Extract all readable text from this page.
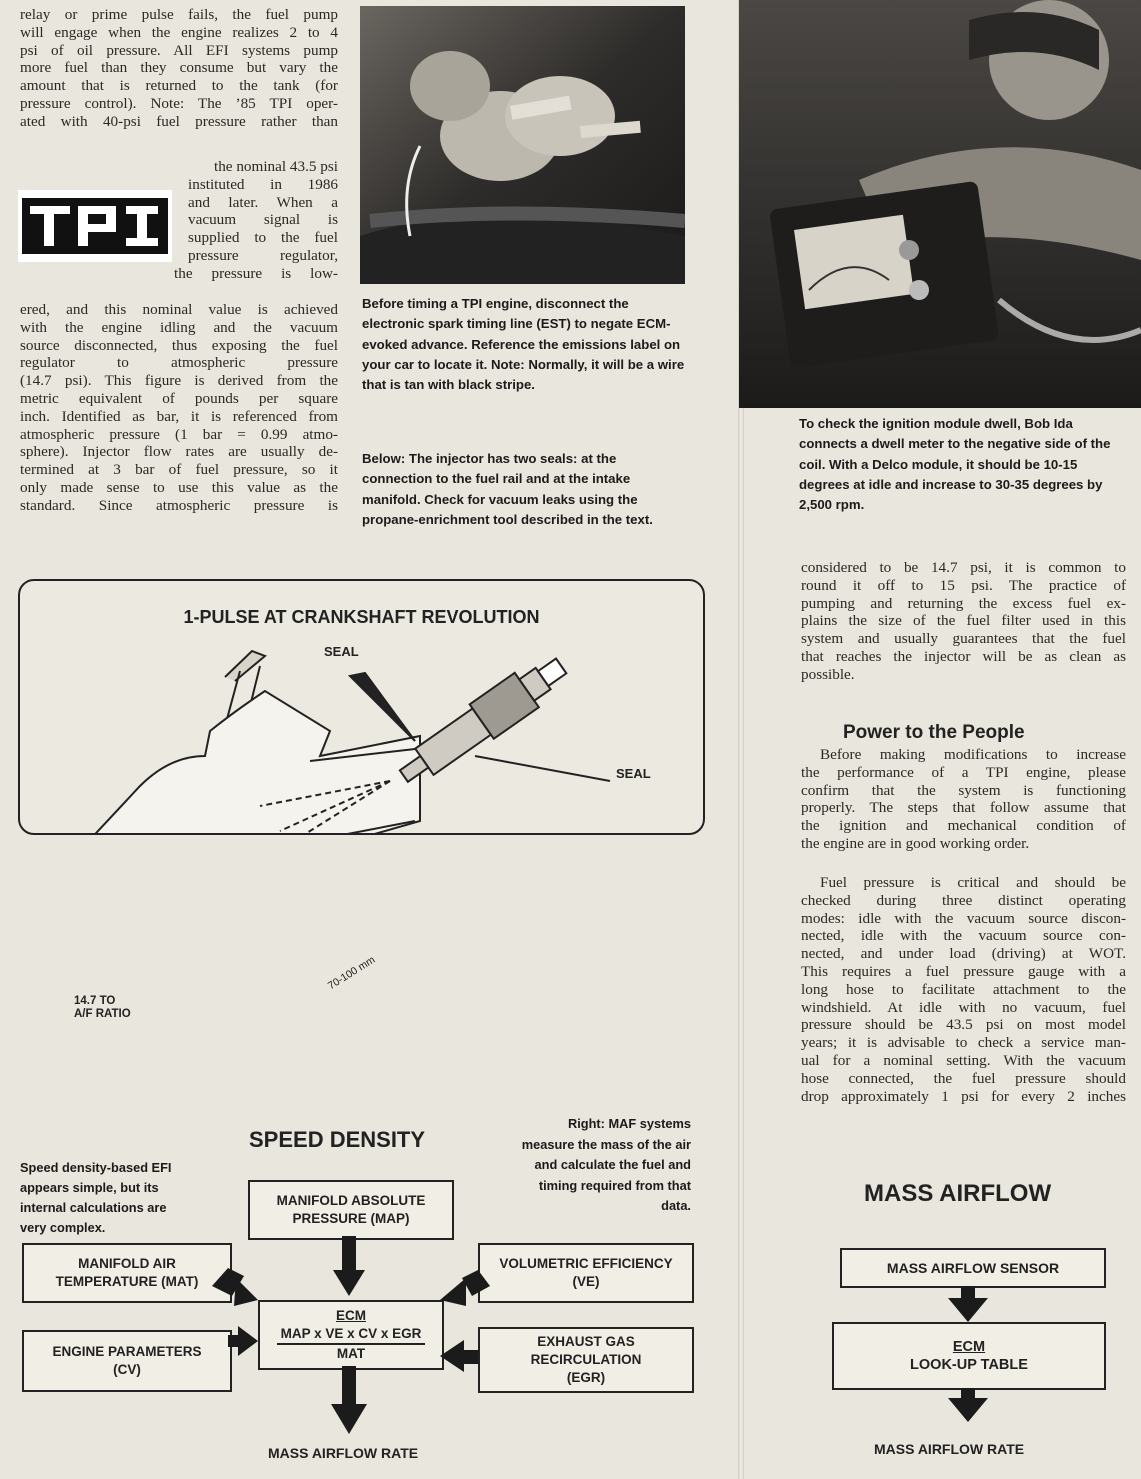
relay or prime pulse fails, the fuel pump
will engage when the engine realizes 2 to 4
psi of oil pressure. All EFI systems pump
more fuel than they consume but vary the
amount that is returned to the tank (for
pressure control). Note: The ’85 TPI oper-
ated with 40-psi fuel pressure rather than
the nominal 43.5 psi
instituted in 1986
and later. When a
vacuum signal is
supplied to the fuel
pressure regulator,
the pressure is low-
ered, and this nominal value is achieved
with the engine idling and the vacuum
source disconnected, thus exposing the fuel
regulator to atmospheric pressure
(14.7 psi). This figure is derived from the
metric equivalent of pounds per square
inch. Identified as bar, it is referenced from
atmospheric pressure (1 bar = 0.99 atmo-
sphere). Injector flow rates are usually de-
termined at 3 bar of fuel pressure, so it
only made sense to use this value as the
standard. Since atmospheric pressure is
Before timing a TPI engine, disconnect the electronic spark timing line (EST) to negate ECM-evoked advance. Reference the emissions label on your car to locate it. Note: Normally, it will be a wire that is tan with black stripe.
Below: The injector has two seals: at the connection to the fuel rail and at the intake manifold. Check for vacuum leaks using the propane-enrichment tool described in the text.
To check the ignition module dwell, Bob Ida connects a dwell meter to the negative side of the coil. With a Delco module, it should be 10-15 degrees at idle and increase to 30-35 degrees by 2,500 rpm.
considered to be 14.7 psi, it is common to
round it off to 15 psi. The practice of
pumping and returning the excess fuel ex-
plains the size of the fuel filter used in this
system and usually guarantees that the fuel
that reaches the injector will be as clean as
possible.
Power to the People
Before making modifications to increase
the performance of a TPI engine, please
confirm that the system is functioning
properly. The steps that follow assume that
the ignition and mechanical condition of
the engine are in good working order.
Fuel pressure is critical and should be
checked during three distinct operating
modes: idle with the vacuum source discon-
nected, idle with the vacuum source con-
nected, and under load (driving) at WOT.
This requires a fuel pressure gauge with a
long hose to facilitate attachment to the
windshield. At idle with no vacuum, fuel
pressure should be 43.5 psi on most model
years; it is advisable to check a service man-
ual for a nominal setting. With the vacuum
hose connected, the fuel pressure should
drop approximately 1 psi for every 2 inches
1-PULSE AT CRANKSHAFT REVOLUTION
SEAL
SEAL
14.7 TO
A/F RATIO
70-100 mm
Speed density-based EFI appears simple, but its internal calculations are very complex.
Right: MAF systems measure the mass of the air and calculate the fuel and timing required from that data.
SPEED DENSITY
MANIFOLD ABSOLUTE
PRESSURE (MAP)
MANIFOLD AIR
TEMPERATURE (MAT)
VOLUMETRIC EFFICIENCY
(VE)
ENGINE PARAMETERS
(CV)
EXHAUST GAS
RECIRCULATION
(EGR)
ECM
MAP x VE x CV x EGR
MAT
MASS AIRFLOW RATE
MASS AIRFLOW
MASS AIRFLOW SENSOR
ECM
LOOK-UP TABLE
MASS AIRFLOW RATE
